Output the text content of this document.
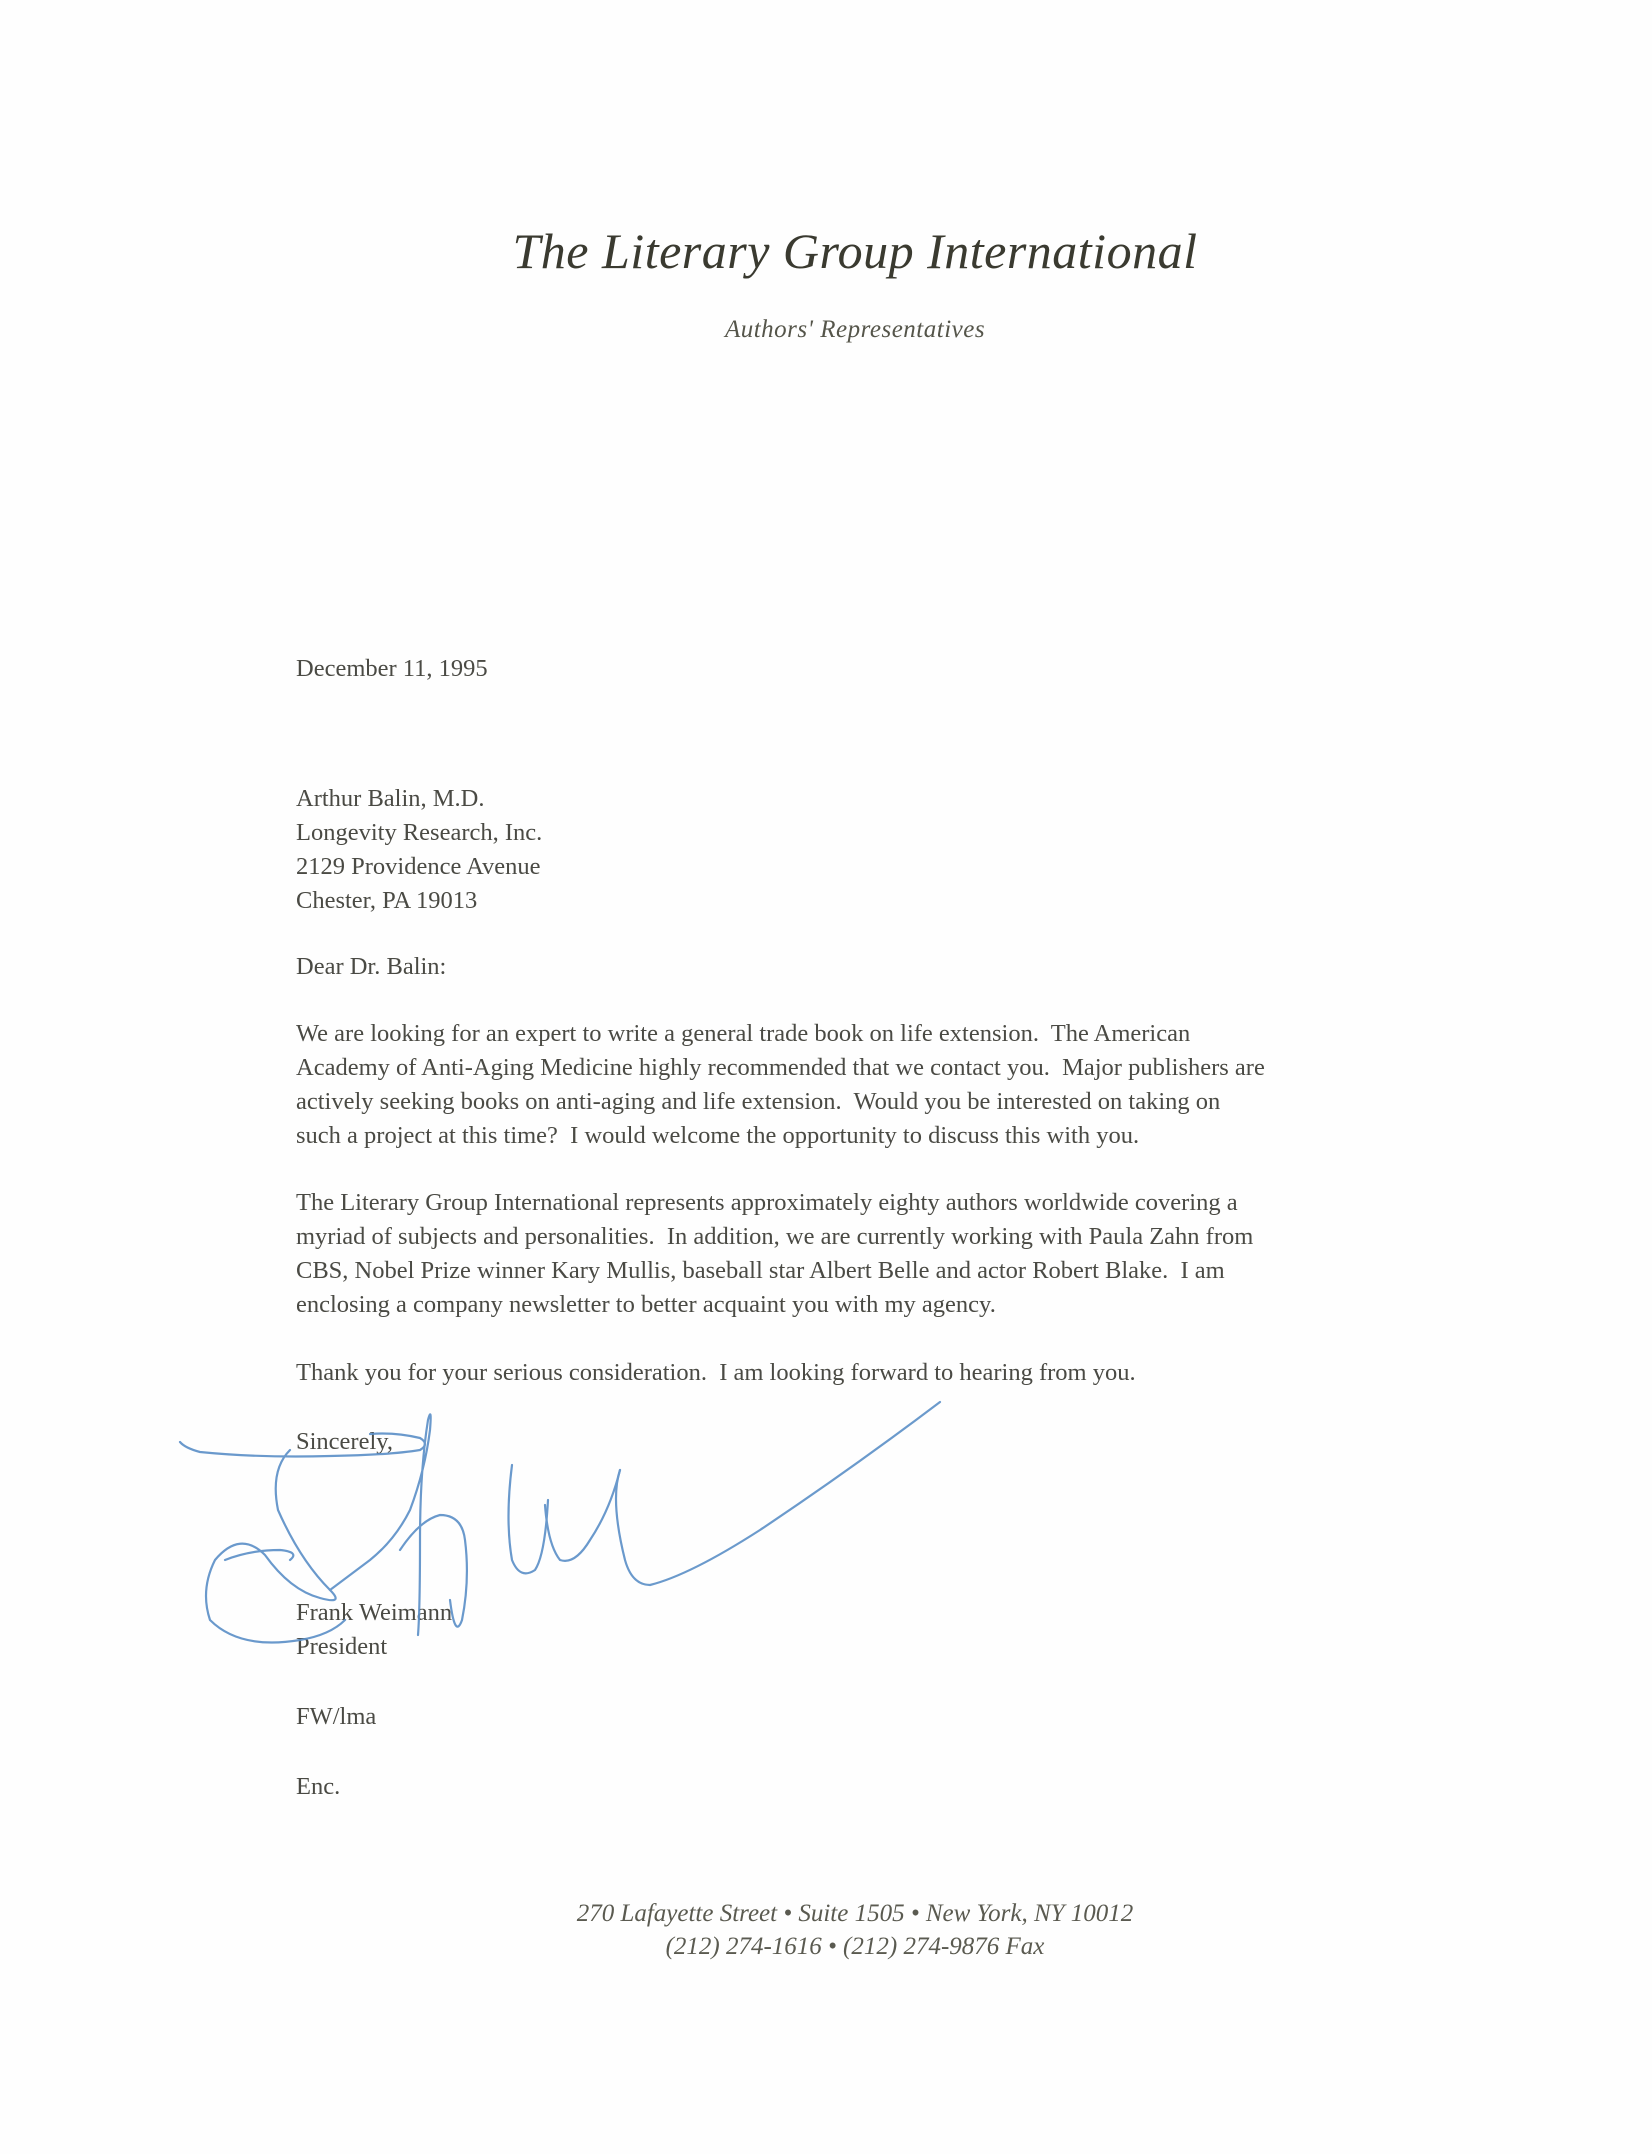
The Literary Group International
Authors' Representatives
December 11, 1995
Arthur Balin, M.D.
Longevity Research, Inc.
2129 Providence Avenue
Chester, PA 19013
Dear Dr. Balin:
We are looking for an expert to write a general trade book on life extension.  The American
Academy of Anti-Aging Medicine highly recommended that we contact you.  Major publishers are
actively seeking books on anti-aging and life extension.  Would you be interested on taking on
such a project at this time?  I would welcome the opportunity to discuss this with you.
The Literary Group International represents approximately eighty authors worldwide covering a
myriad of subjects and personalities.  In addition, we are currently working with Paula Zahn from
CBS, Nobel Prize winner Kary Mullis, baseball star Albert Belle and actor Robert Blake.  I am
enclosing a company newsletter to better acquaint you with my agency.
Thank you for your serious consideration.  I am looking forward to hearing from you.
Sincerely,
Frank Weimann
President
FW/lma
Enc.
270 Lafayette Street • Suite 1505 • New York, NY 10012
(212) 274-1616 • (212) 274-9876 Fax
